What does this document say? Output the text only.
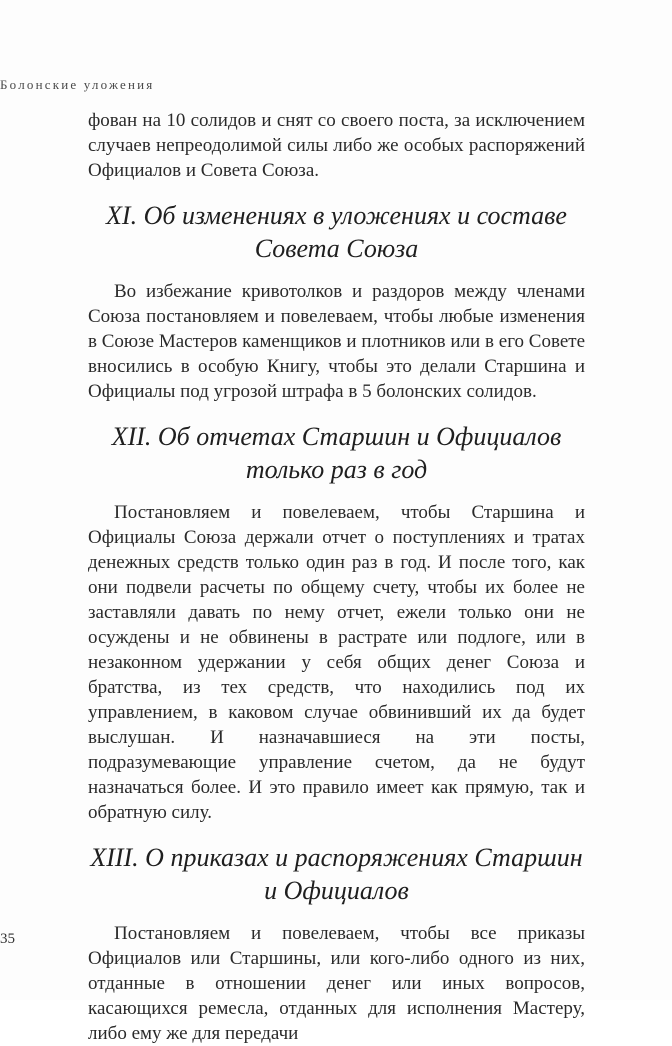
Болонские уложения

фован на 10 солидов и снят со своего поста, за исключением случаев непреодолимой силы либо же особых распоряжений Официалов и Совета Союза.

XI. Об изменениях в уложениях и составе Совета Союза

Во избежание кривотолков и раздоров между членами Союза постановляем и повелеваем, чтобы любые изменения в Союзе Мастеров каменщиков и плотников или в его Совете вносились в особую Книгу, чтобы это делали Старшина и Официалы под угрозой штрафа в 5 болонских солидов.

XII. Об отчетах Старшин и Официалов только раз в год

Постановляем и повелеваем, чтобы Старшина и Официалы Союза держали отчет о поступлениях и тратах денежных средств только один раз в год. И после того, как они подвели расчеты по общему счету, чтобы их более не заставляли давать по нему отчет, ежели только они не осуждены и не обвинены в растрате или подлоге, или в незаконном удержании у себя общих денег Союза и братства, из тех средств, что находились под их управлением, в каковом случае обвинивший их да будет выслушан. И назначавшиеся на эти посты, подразумевающие управление счетом, да не будут назначаться более. И это правило имеет как прямую, так и обратную силу.

XIII. О приказах и распоряжениях Старшин и Официалов

Постановляем и повелеваем, чтобы все приказы Официалов или Старшины, или кого-либо одного из них, отданные в отношении денег или иных вопросов, касающихся ремесла, отданных для исполнения Мастеру, либо ему же для передачи

35
